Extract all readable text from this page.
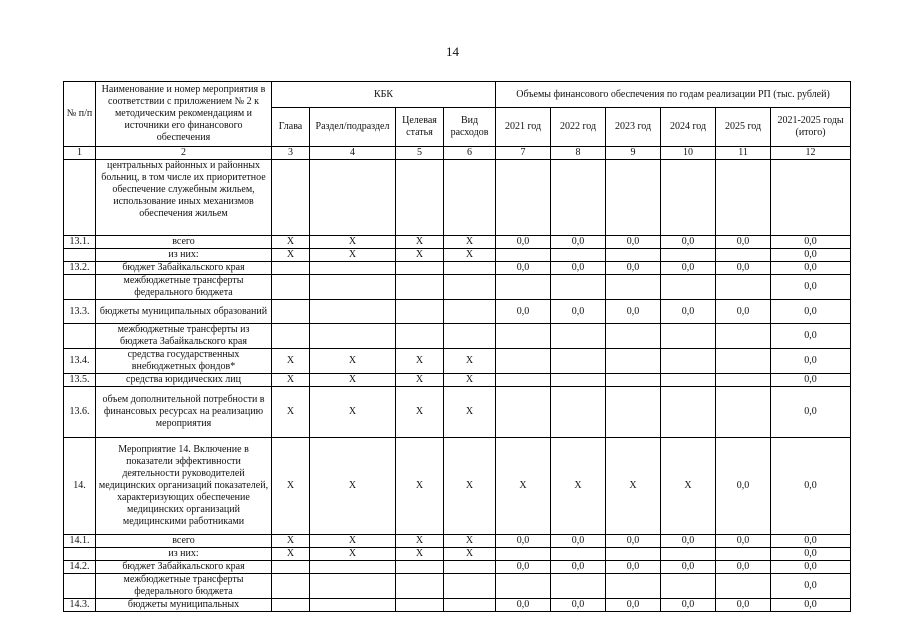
14
№ п/п	Наименование и номер мероприятия в соответствии с приложением № 2 к методическим рекомендациям и источники его финансового обеспечения	КБК				Объемы финансового обеспечения по годам реализации РП (тыс. рублей)					
		Глава	Раздел/подраздел	Целевая статья	Вид расходов	2021 год	2022 год	2023 год	2024 год	2025 год	2021-2025 годы (итого)
1	2	3	4	5	6	7	8	9	10	11	12
	центральных районных и районных больниц, в том числе их приоритетное обеспечение служебным жильем, использование иных механизмов обеспечения жильем										
13.1.	всего	X	X	X	X	0,0	0,0	0,0	0,0	0,0	0,0
	из них:	X	X	X	X						0,0
13.2.	бюджет Забайкальского края					0,0	0,0	0,0	0,0	0,0	0,0
	межбюджетные трансферты федерального бюджета										0,0
13.3.	бюджеты муниципальных образований					0,0	0,0	0,0	0,0	0,0	0,0
	межбюджетные трансферты из бюджета Забайкальского края										0,0
13.4.	средства государственных внебюджетных фондов*	X	X	X	X						0,0
13.5.	средства юридических лиц	X	X	X	X						0,0
13.6.	объем дополнительной потребности в финансовых ресурсах на реализацию мероприятия	X	X	X	X						0,0
14.	Мероприятие 14. Включение в показатели эффективности деятельности руководителей медицинских организаций показателей, характеризующих обеспечение медицинских организаций медицинскими работниками	X	X	X	X	X	X	X	X	0,0	0,0
14.1.	всего	X	X	X	X	0,0	0,0	0,0	0,0	0,0	0,0
	из них:	X	X	X	X						0,0
14.2.	бюджет Забайкальского края					0,0	0,0	0,0	0,0	0,0	0,0
	межбюджетные трансферты федерального бюджета										0,0
14.3.	бюджеты муниципальных					0,0	0,0	0,0	0,0	0,0	0,0
